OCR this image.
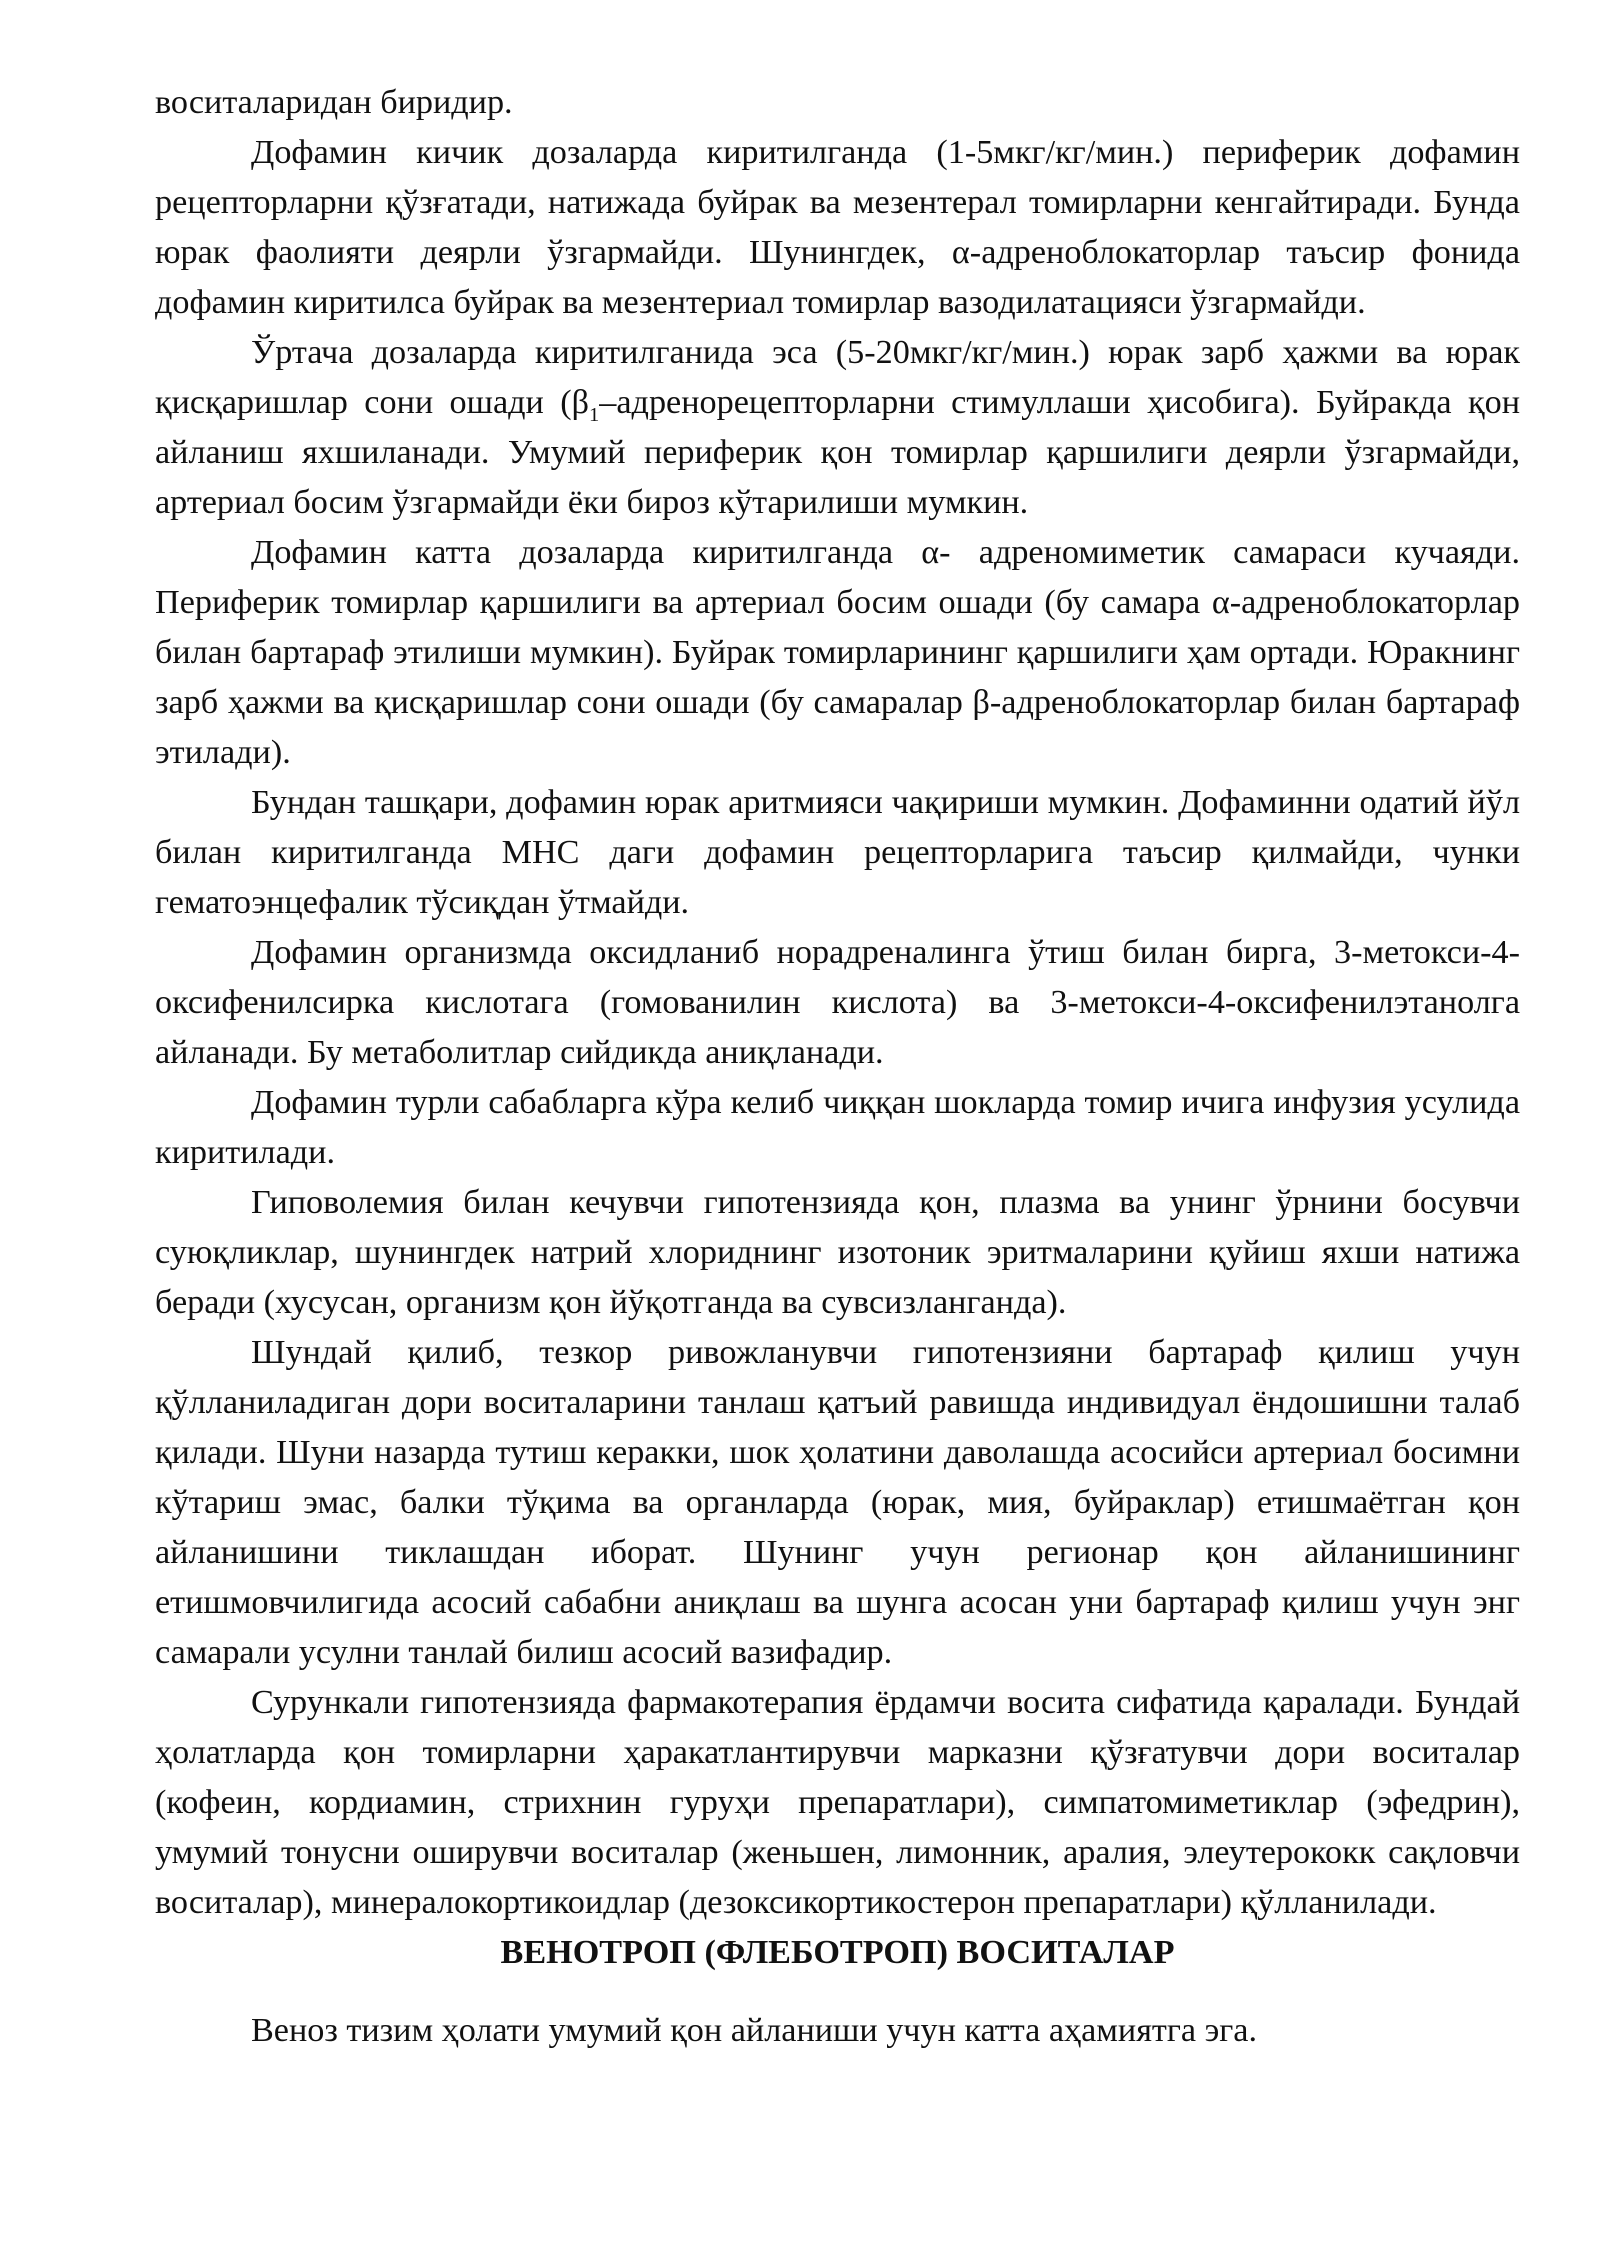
воситаларидан биридир.

Дофамин кичик дозаларда киритилганда (1-5мкг/кг/мин.) периферик дофамин рецепторларни қўзғатади, натижада буйрак ва мезентерал томирларни кенгайтиради. Бунда юрак фаолияти деярли ўзгармайди. Шунингдек, α-адреноблокаторлар таъсир фонида дофамин киритилса буйрак ва мезентериал томирлар вазодилатацияси ўзгармайди.

Ўртача дозаларда киритилганида эса (5-20мкг/кг/мин.) юрак зарб ҳажми ва юрак қисқаришлар сони ошади ($\beta_1$–адренорецепторларни стимуллаши ҳисобига). Буйракда қон айланиш яхшиланади. Умумий периферик қон томирлар қаршилиги деярли ўзгармайди, артериал босим ўзгармайди ёки бироз кўтарилиши мумкин.

Дофамин катта дозаларда киритилганда α- адреномиметик самараси кучаяди. Периферик томирлар қаршилиги ва артериал босим ошади (бу самара α-адреноблокаторлар билан бартараф этилиши мумкин). Буйрак томирларининг қаршилиги ҳам ортади. Юракнинг зарб ҳажми ва қисқаришлар сони ошади (бу самаралар β-адреноблокаторлар билан бартараф этилади).

Бундан ташқари, дофамин юрак аритмияси чақириши мумкин. Дофаминни одатий йўл билан киритилганда МНС даги дофамин рецепторларига таъсир қилмайди, чунки гематоэнцефалик тўсиқдан ўтмайди.

Дофамин организмда оксидланиб норадреналинга ўтиш билан бирга, 3-метокси-4-оксифенилсирка кислотага (гомованилин кислота) ва 3-метокси-4-оксифенилэтанолга айланади. Бу метаболитлар сийдикда аниқланади.

Дофамин турли сабабларга кўра келиб чиққан шокларда томир ичига инфузия усулида киритилади.

Гиповолемия билан кечувчи гипотензияда қон, плазма ва унинг ўрнини босувчи суюқликлар, шунингдек натрий хлориднинг изотоник эритмаларини қуйиш яхши натижа беради (хусусан, организм қон йўқотганда ва сувсизланганда).

Шундай қилиб, тезкор ривожланувчи гипотензияни бартараф қилиш учун қўлланиладиган дори воситаларини танлаш қатъий равишда индивидуал ёндошишни талаб қилади. Шуни назарда тутиш керакки, шок ҳолатини даволашда асосийси артериал босимни кўтариш эмас, балки тўқима ва органларда (юрак, мия, буйраклар) етишмаётган қон айланишини тиклашдан иборат. Шунинг учун регионар қон айланишининг етишмовчилигида асосий сабабни аниқлаш ва шунга асосан уни бартараф қилиш учун энг самарали усулни танлай билиш асосий вазифадир.

Сурункали гипотензияда фармакотерапия ёрдамчи восита сифатида қаралади. Бундай ҳолатларда қон томирларни ҳаракатлантирувчи марказни қўзғатувчи дори воситалар (кофеин, кордиамин, стрихнин гуруҳи препаратлари), симпатомиметиклар (эфедрин), умумий тонусни оширувчи воситалар (женьшен, лимонник, аралия, элеутерококк сақловчи воситалар), минералокортикоидлар (дезоксикортикостерон препаратлари) қўлланилади.

ВЕНОТРОП (ФЛЕБОТРОП) ВОСИТАЛАР

Веноз тизим ҳолати умумий қон айланиши учун катта аҳамиятга эга.
